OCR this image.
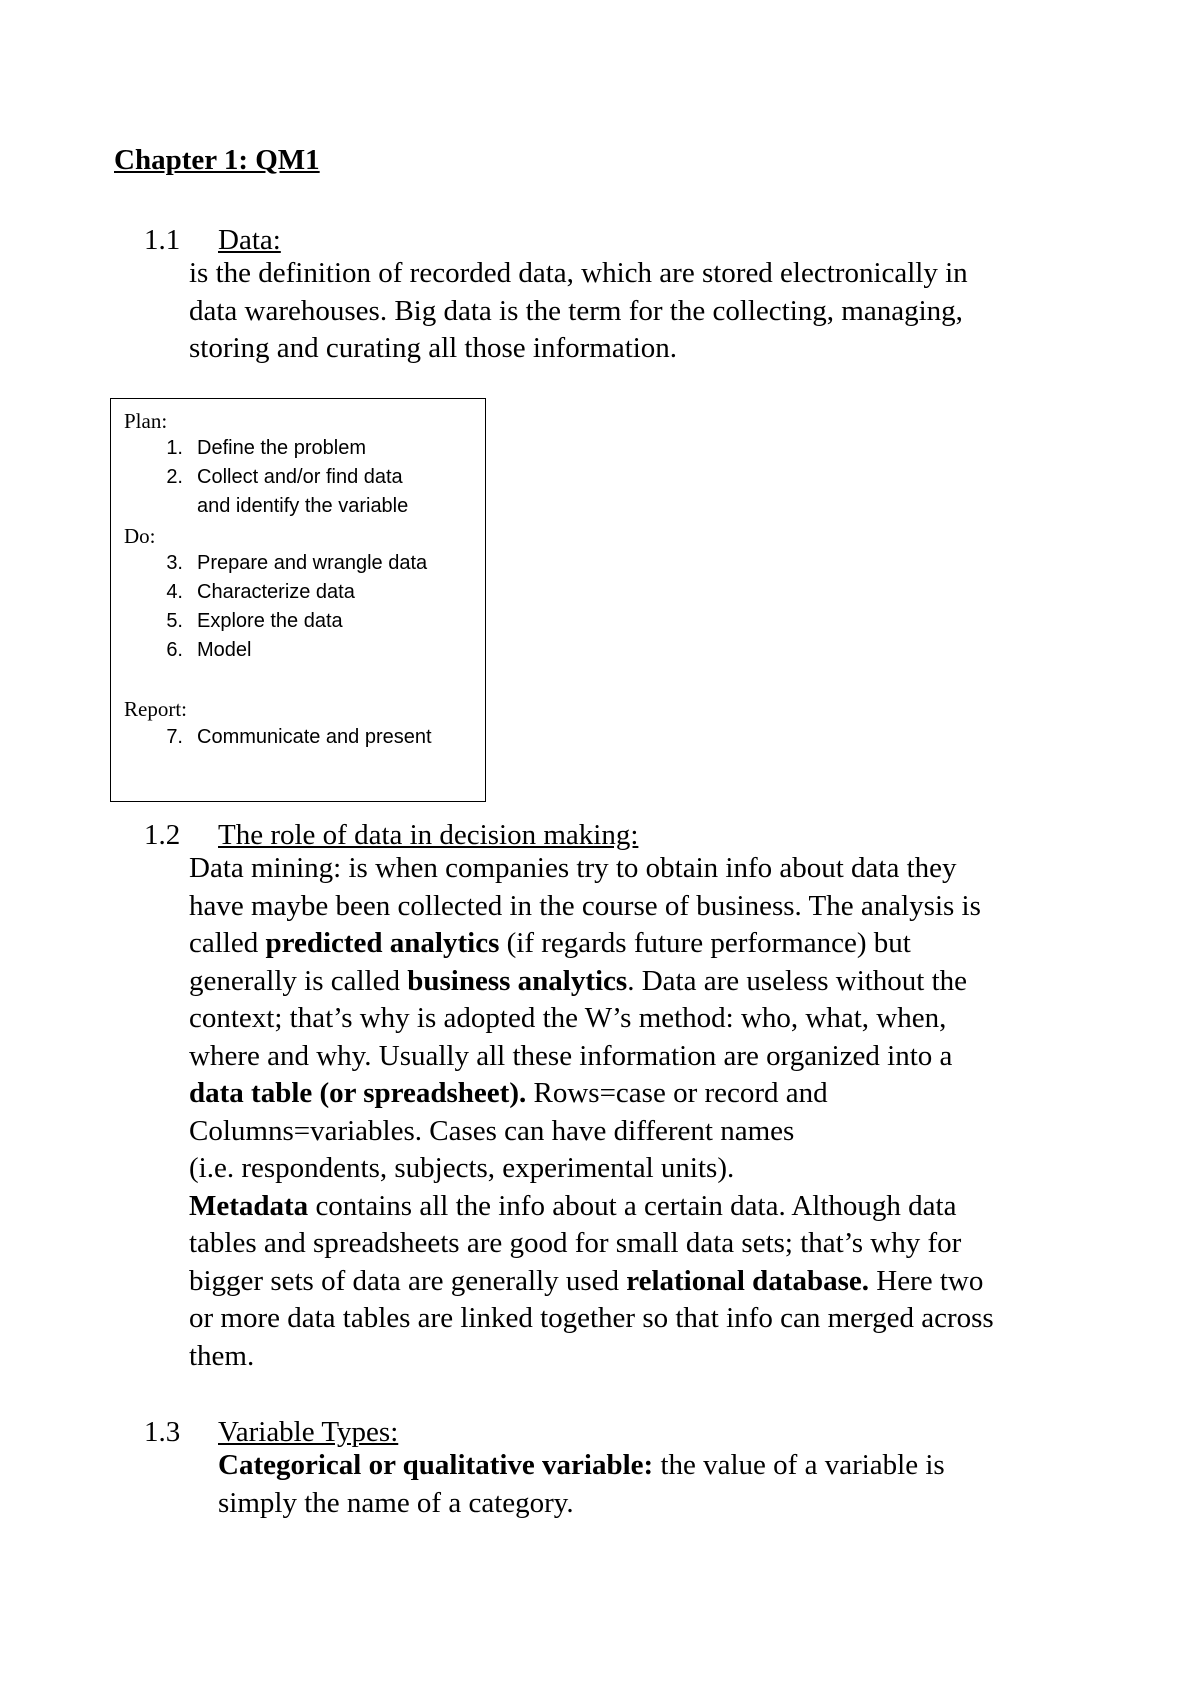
Chapter 1: QM1
1.1 Data:
is the definition of recorded data, which are stored electronically in
data warehouses. Big data is the term for the collecting, managing,
storing and curating all those information.
Plan:
1. Define the problem
2. Collect and/or find data
and identify the variable
Do:
3. Prepare and wrangle data
4. Characterize data
5. Explore the data
6. Model
Report:
7. Communicate and present
1.2 The role of data in decision making:
Data mining: is when companies try to obtain info about data they
have maybe been collected in the course of business. The analysis is
called predicted analytics (if regards future performance) but
generally is called business analytics. Data are useless without the
context; that’s why is adopted the W’s method: who, what, when,
where and why. Usually all these information are organized into a
data table (or spreadsheet). Rows=case or record and
Columns=variables. Cases can have different names
(i.e. respondents, subjects, experimental units).
Metadata contains all the info about a certain data. Although data
tables and spreadsheets are good for small data sets; that’s why for
bigger sets of data are generally used relational database. Here two
or more data tables are linked together so that info can merged across
them.
1.3 Variable Types:
Categorical or qualitative variable: the value of a variable is
simply the name of a category.
